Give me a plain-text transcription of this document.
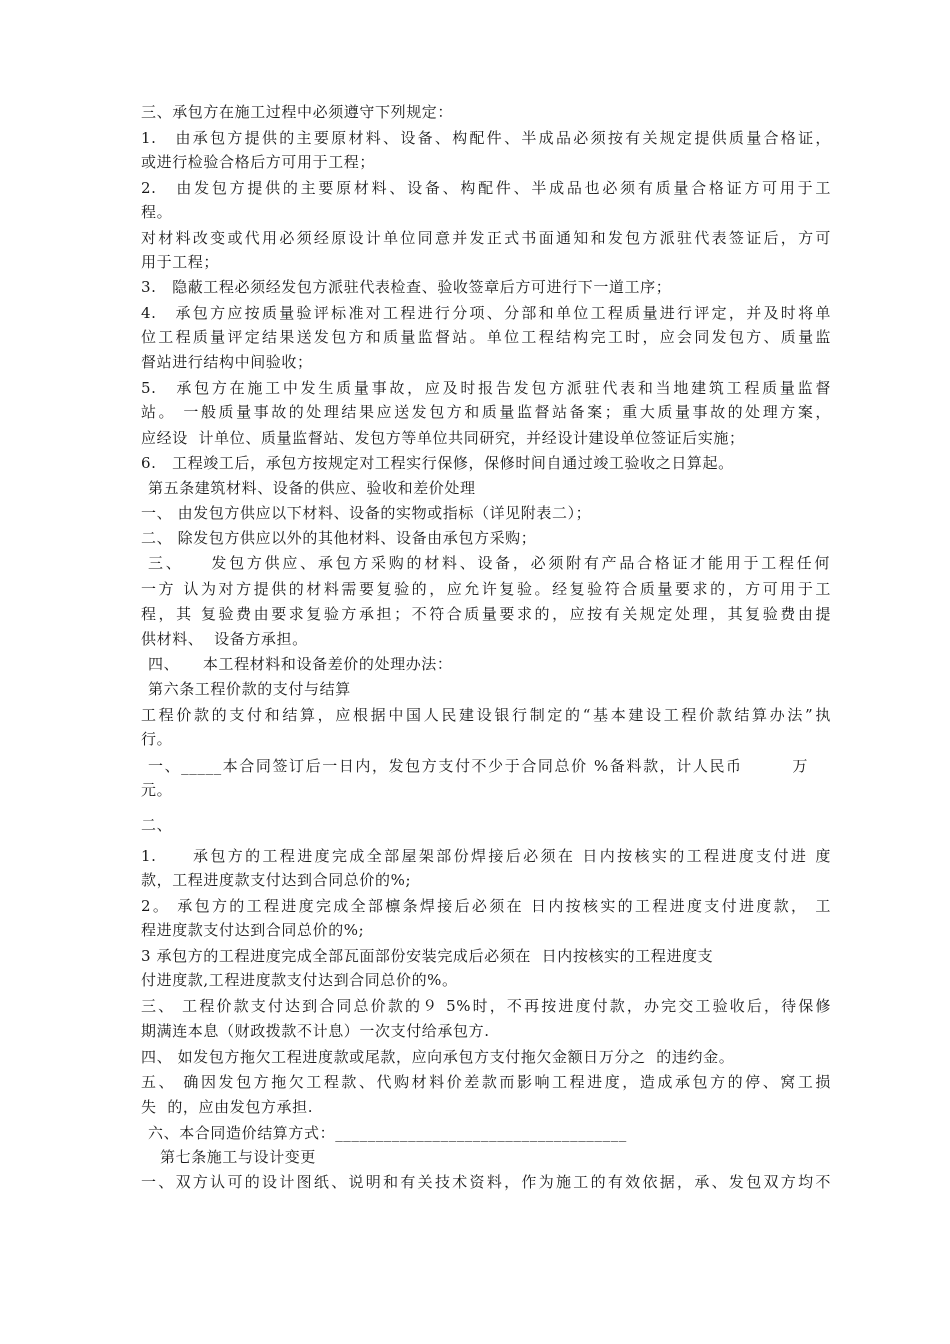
三、承包方在施工过程中必须遵守下列规定：
1.　由承包方提供的主要原材料、设备、构配件、半成品必须按有关规定提供质量合格证，
或进行检验合格后方可用于工程；
2.　由发包方提供的主要原材料、设备、构配件、半成品也必须有质量合格证方可用于工
程。
对材料改变或代用必须经原设计单位同意并发正式书面通知和发包方派驻代表签证后，方可
用于工程；
3.　隐蔽工程必须经发包方派驻代表检查、验收签章后方可进行下一道工序；
4.　承包方应按质量验评标准对工程进行分项、分部和单位工程质量进行评定，并及时将单
位工程质量评定结果送发包方和质量监督站。单位工程结构完工时，应会同发包方、质量监
督站进行结构中间验收；
5.　承包方在施工中发生质量事故，应及时报告发包方派驻代表和当地建筑工程质量监督
站。 一般质量事故的处理结果应送发包方和质量监督站备案；重大质量事故的处理方案，
应经设  计单位、质量监督站、发包方等单位共同研究，并经设计建设单位签证后实施；
6.　工程竣工后，承包方按规定对工程实行保修，保修时间自通过竣工验收之日算起。
第五条建筑材料、设备的供应、验收和差价处理
一、 由发包方供应以下材料、设备的实物或指标（详见附表二）；
二、 除发包方供应以外的其他材料、设备由承包方采购；
三、　　发包方供应、承包方采购的材料、设备，必须附有产品合格证才能用于工程任何
一方 认为对方提供的材料需要复验的，应允许复验。经复验符合质量要求的，方可用于工
程，其 复验费由要求复验方承担；不符合质量要求的，应按有关规定处理，其复验费由提
供材料、  设备方承担。
四、　　本工程材料和设备差价的处理办法：
第六条工程价款的支付与结算
工程价款的支付和结算，应根据中国人民建设银行制定的“基本建设工程价款结算办法”执
行。
一、_____本合同签订后一日内，发包方支付不少于合同总价 %备料款，计人民币　　　万
元。
二、
1.　　承包方的工程进度完成全部屋架部份焊接后必须在 日内按核实的工程进度支付进 度
款，工程进度款支付达到合同总价的%;
2。 承包方的工程进度完成全部檩条焊接后必须在 日内按核实的工程进度支付进度款， 工
程进度款支付达到合同总价的%;
3 承包方的工程进度完成全部瓦面部份安装完成后必须在  日内按核实的工程进度支
付进度款,工程进度款支付达到合同总价的%。
三、 工程价款支付达到合同总价款的９ 5%时，不再按进度付款，办完交工验收后，待保修
期满连本息（财政拨款不计息）一次支付给承包方.
四、 如发包方拖欠工程进度款或尾款，应向承包方支付拖欠金额日万分之  的违约金。
五、 确因发包方拖欠工程款、代购材料价差款而影响工程进度，造成承包方的停、窝工损
失  的，应由发包方承担.
六、本合同造价结算方式：____________________________________
第七条施工与设计变更
一、双方认可的设计图纸、说明和有关技术资料，作为施工的有效依据，承、发包双方均不
